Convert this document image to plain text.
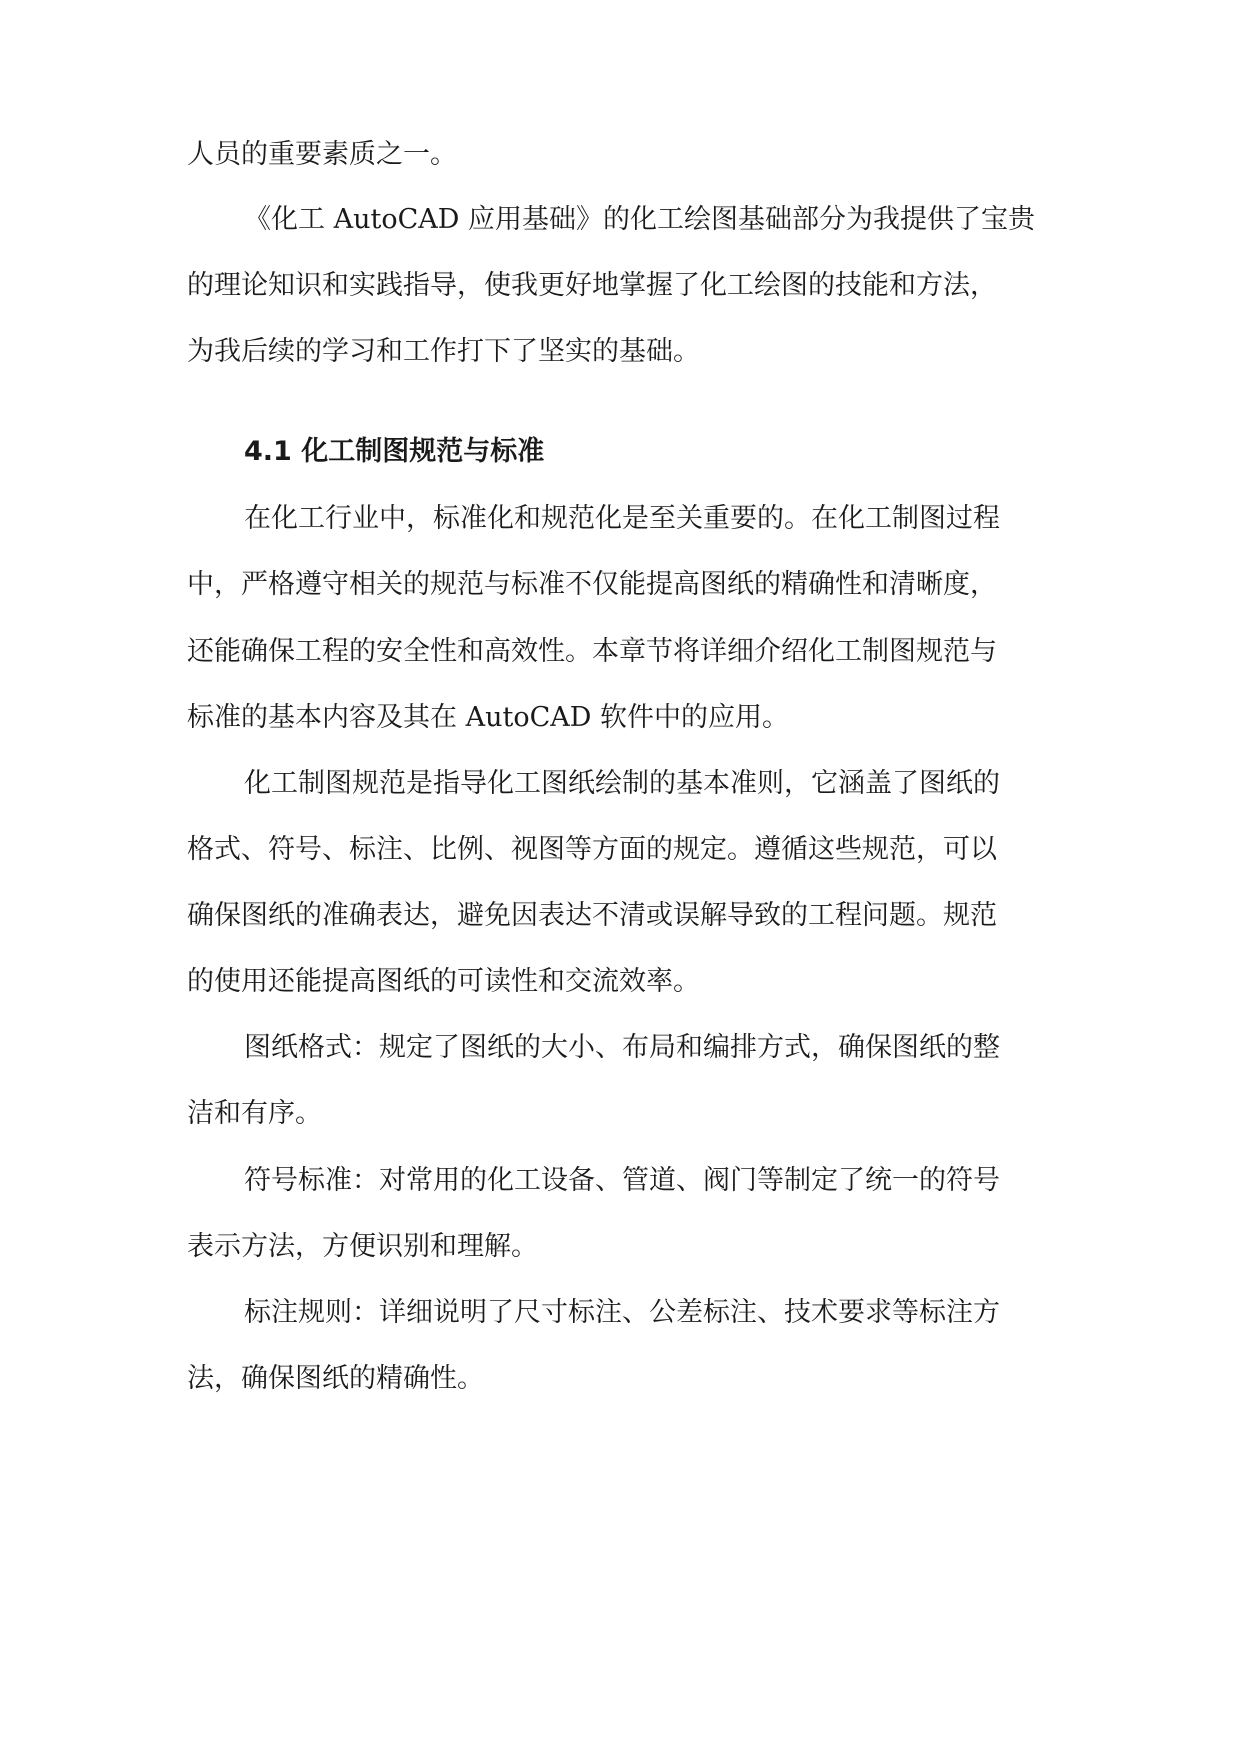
人员的重要素质之一。
《化工 AutoCAD 应用基础》的化工绘图基础部分为我提供了宝贵
的理论知识和实践指导，使我更好地掌握了化工绘图的技能和方法，
为我后续的学习和工作打下了坚实的基础。
4.1 化工制图规范与标准
在化工行业中，标准化和规范化是至关重要的。在化工制图过程
中，严格遵守相关的规范与标准不仅能提高图纸的精确性和清晰度，
还能确保工程的安全性和高效性。本章节将详细介绍化工制图规范与
标准的基本内容及其在 AutoCAD 软件中的应用。
化工制图规范是指导化工图纸绘制的基本准则，它涵盖了图纸的
格式、符号、标注、比例、视图等方面的规定。遵循这些规范，可以
确保图纸的准确表达，避免因表达不清或误解导致的工程问题。规范
的使用还能提高图纸的可读性和交流效率。
图纸格式：规定了图纸的大小、布局和编排方式，确保图纸的整
洁和有序。
符号标准：对常用的化工设备、管道、阀门等制定了统一的符号
表示方法，方便识别和理解。
标注规则：详细说明了尺寸标注、公差标注、技术要求等标注方
法，确保图纸的精确性。
